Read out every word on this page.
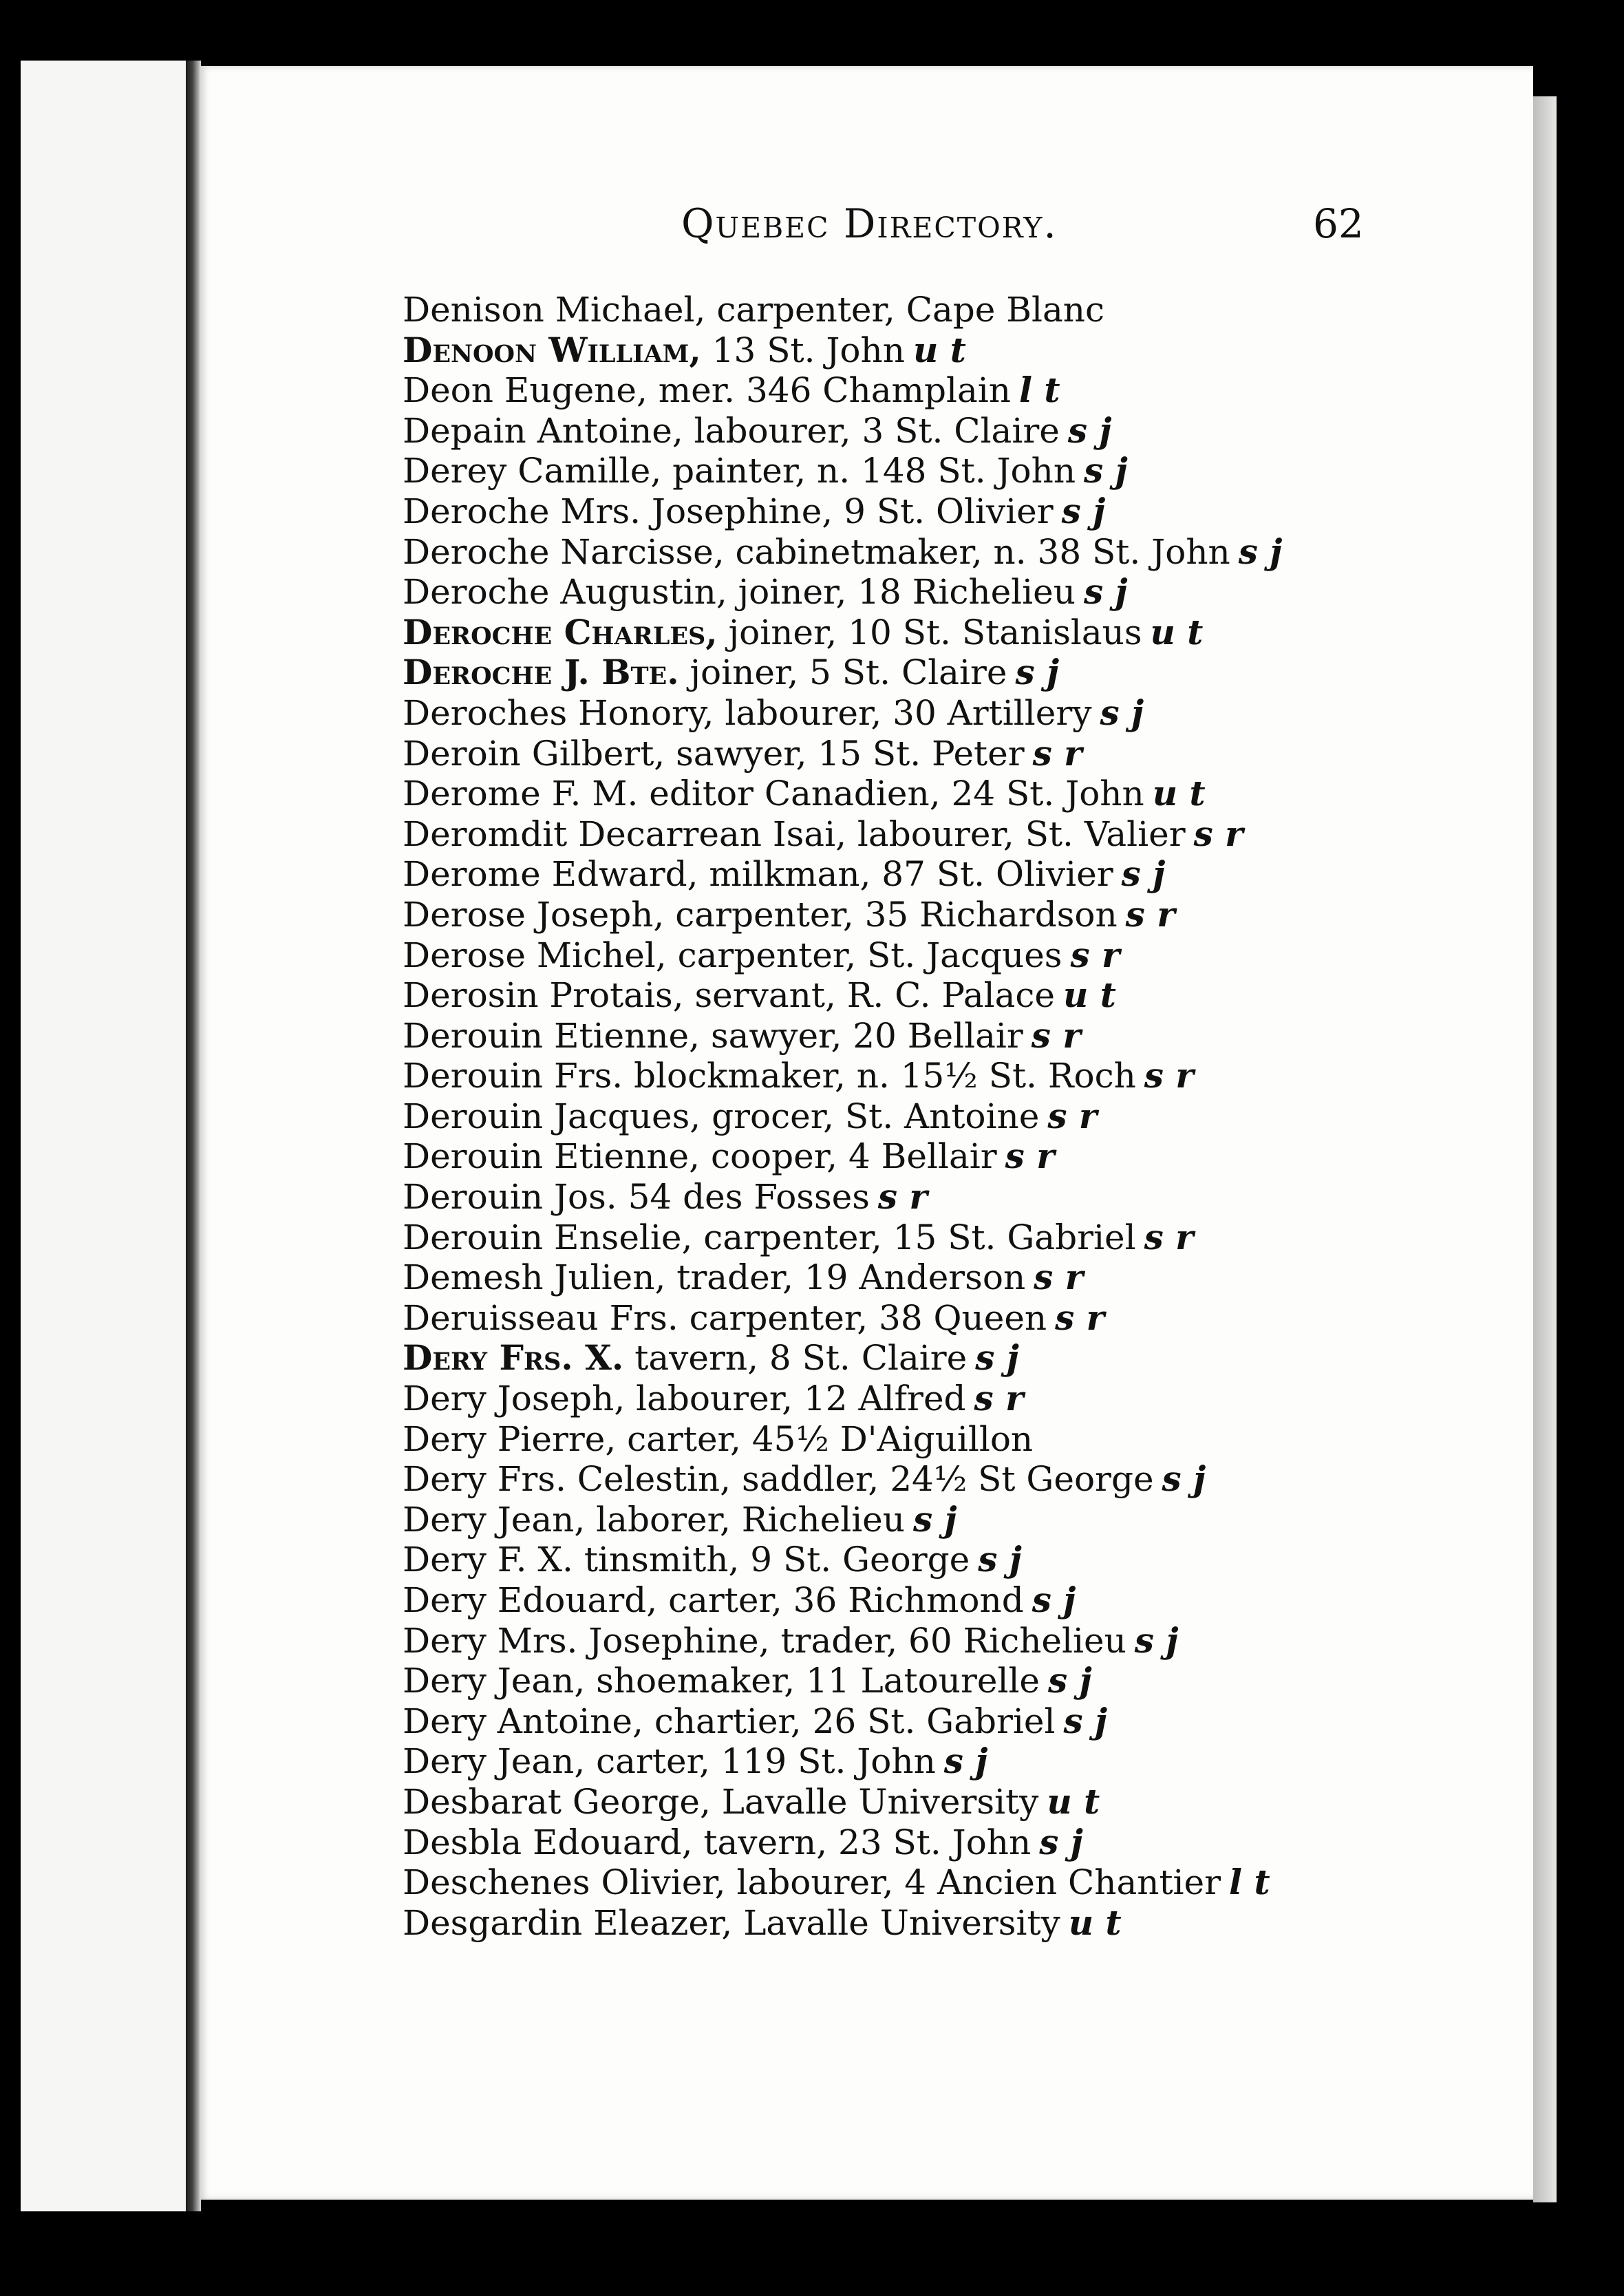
Quebec Directory.	62
Denison Michael, carpenter, Cape Blanc
Denoon William, 13 St. John u t
Deon Eugene, mer. 346 Champlain l t
Depain Antoine, labourer, 3 St. Claire s j
Derey Camille, painter, n. 148 St. John s j
Deroche Mrs. Josephine, 9 St. Olivier s j
Deroche Narcisse, cabinetmaker, n. 38 St. John s j
Deroche Augustin, joiner, 18 Richelieu s j
Deroche Charles, joiner, 10 St. Stanislaus u t
Deroche J. Bte. joiner, 5 St. Claire s j
Deroches Honory, labourer, 30 Artillery s j
Deroin Gilbert, sawyer, 15 St. Peter s r
Derome F. M. editor Canadien, 24 St. John u t
Deromdit Decarrean Isai, labourer, St. Valier s r
Derome Edward, milkman, 87 St. Olivier s j
Derose Joseph, carpenter, 35 Richardson s r
Derose Michel, carpenter, St. Jacques s r
Derosin Protais, servant, R. C. Palace u t
Derouin Etienne, sawyer, 20 Bellair s r
Derouin Frs. blockmaker, n. 15½ St. Roch s r
Derouin Jacques, grocer, St. Antoine s r
Derouin Etienne, cooper, 4 Bellair s r
Derouin Jos. 54 des Fosses s r
Derouin Enselie, carpenter, 15 St. Gabriel s r
Demesh Julien, trader, 19 Anderson s r
Deruisseau Frs. carpenter, 38 Queen s r
Dery Frs. X. tavern, 8 St. Claire s j
Dery Joseph, labourer, 12 Alfred s r
Dery Pierre, carter, 45½ D'Aiguillon
Dery Frs. Celestin, saddler, 24½ St George s j
Dery Jean, laborer, Richelieu s j
Dery F. X. tinsmith, 9 St. George s j
Dery Edouard, carter, 36 Richmond s j
Dery Mrs. Josephine, trader, 60 Richelieu s j
Dery Jean, shoemaker, 11 Latourelle s j
Dery Antoine, chartier, 26 St. Gabriel s j
Dery Jean, carter, 119 St. John s j
Desbarat George, Lavalle University u t
Desbla Edouard, tavern, 23 St. John s j
Deschenes Olivier, labourer, 4 Ancien Chantier l t
Desgardin Eleazer, Lavalle University u t
